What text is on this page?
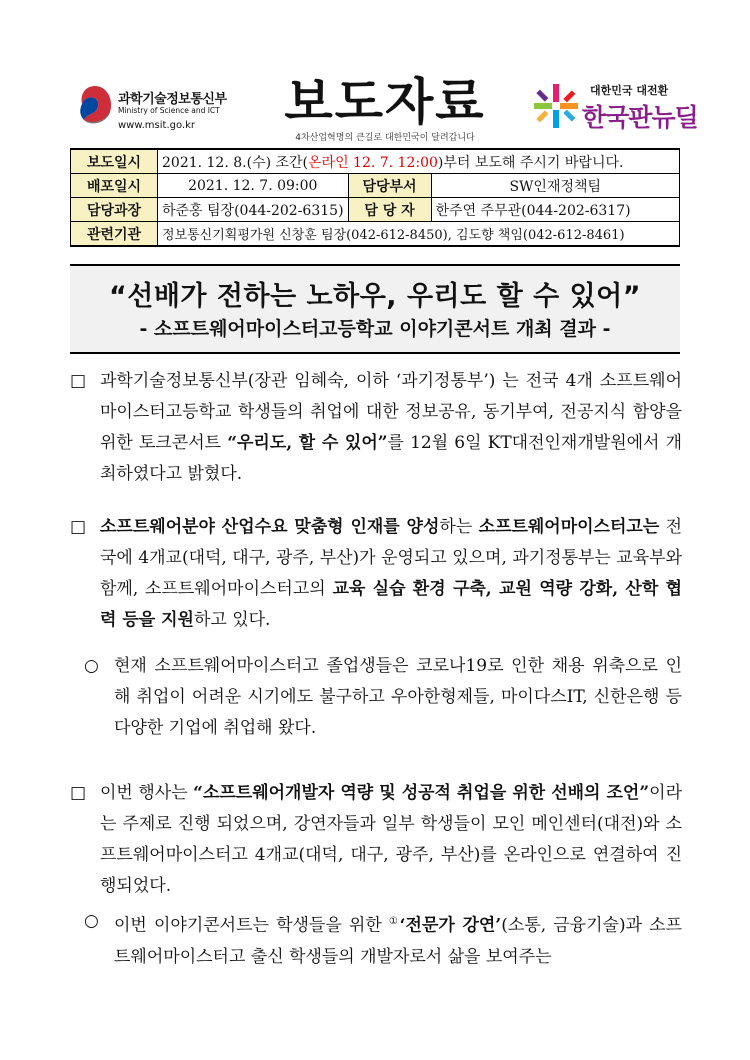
과학기술정보통신부
Ministry of Science and ICT
www.msit.go.kr 보도자료
4차산업혁명의 큰길로 대한민국이 달려갑니다
대한민국 대전환
한국판뉴딜
보도일시	2021. 12. 8.(수) 조간(온라인 12. 7. 12:00)부터 보도해 주시기 바랍니다.		
배포일시	2021. 12. 7. 09:00	담당부서	SW인재정책팀
담당과장	하준홍 팀장(044-202-6315)	담 당 자	한주연 주무관(044-202-6317)
관련기관	정보통신기획평가원 신창훈 팀장(042-612-8450), 김도향 책임(042-612-8461)		
“선배가 전하는 노하우, 우리도 할 수 있어”
- 소프트웨어마이스터고등학교 이야기콘서트 개최 결과 -
□ 과학기술정보통신부(장관 임혜숙, 이하 ‘과기정통부’) 는 전국 4개 소프트웨어마이스터고등학교 학생들의 취업에 대한 정보공유, 동기부여, 전공지식 함양을 위한 토크콘서트 “우리도, 할 수 있어”를 12월 6일 KT대전인재개발원에서 개최하였다고 밝혔다.
□ 소프트웨어분야 산업수요 맞춤형 인재를 양성하는 소프트웨어마이스터고는 전국에 4개교(대덕, 대구, 광주, 부산)가 운영되고 있으며, 과기정통부는 교육부와 함께, 소프트웨어마이스터고의 교육 실습 환경 구축, 교원 역량 강화, 산학 협력 등을 지원하고 있다.
○ 현재 소프트웨어마이스터고 졸업생들은 코로나19로 인한 채용 위축으로 인해 취업이 어려운 시기에도 불구하고 우아한형제들, 마이다스IT, 신한은행 등 다양한 기업에 취업해 왔다.
□ 이번 행사는 “소프트웨어개발자 역량 및 성공적 취업을 위한 선배의 조언”이라는 주제로 진행 되었으며, 강연자들과 일부 학생들이 모인 메인센터(대전)와 소프트웨어마이스터고 4개교(대덕, 대구, 광주, 부산)를 온라인으로 연결하여 진행되었다.
○ 이번 이야기콘서트는 학생들을 위한 ①‘전문가 강연’(소통, 금융기술)과 소프트웨어마이스터고 출신 학생들의 개발자로서 삶을 보여주는
